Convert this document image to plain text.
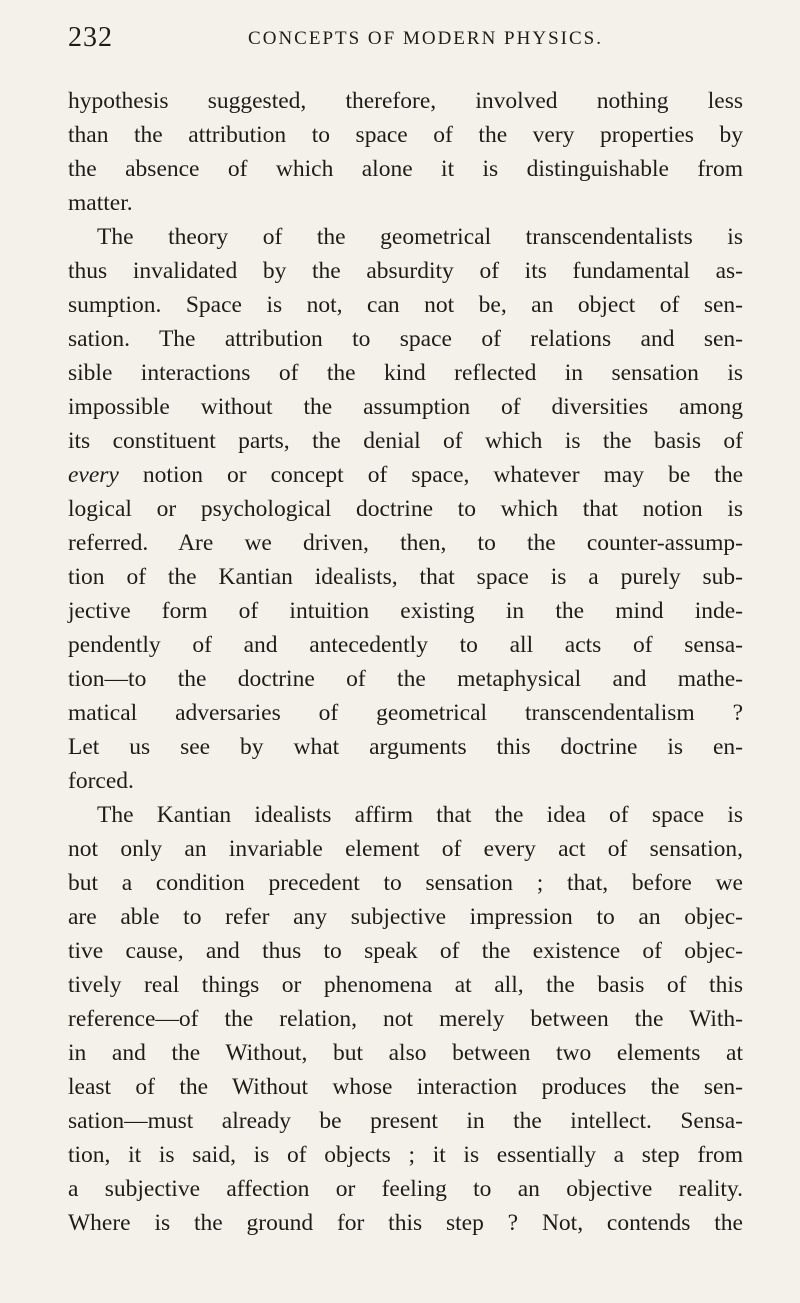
232	CONCEPTS OF MODERN PHYSICS.
hypothesis suggested, therefore, involved nothing less
than the attribution to space of the very properties by
the absence of which alone it is distinguishable from
matter.
The theory of the geometrical transcendentalists is
thus invalidated by the absurdity of its fundamental as-
sumption. Space is not, can not be, an object of sen-
sation. The attribution to space of relations and sen-
sible interactions of the kind reflected in sensation is
impossible without the assumption of diversities among
its constituent parts, the denial of which is the basis of
every notion or concept of space, whatever may be the
logical or psychological doctrine to which that notion is
referred. Are we driven, then, to the counter-assump-
tion of the Kantian idealists, that space is a purely sub-
jective form of intuition existing in the mind inde-
pendently of and antecedently to all acts of sensa-
tion—to the doctrine of the metaphysical and mathe-
matical adversaries of geometrical transcendentalism ?
Let us see by what arguments this doctrine is en-
forced.
The Kantian idealists affirm that the idea of space is
not only an invariable element of every act of sensation,
but a condition precedent to sensation ; that, before we
are able to refer any subjective impression to an objec-
tive cause, and thus to speak of the existence of objec-
tively real things or phenomena at all, the basis of this
reference—of the relation, not merely between the With-
in and the Without, but also between two elements at
least of the Without whose interaction produces the sen-
sation—must already be present in the intellect. Sensa-
tion, it is said, is of objects ; it is essentially a step from
a subjective affection or feeling to an objective reality.
Where is the ground for this step ? Not, contends the
